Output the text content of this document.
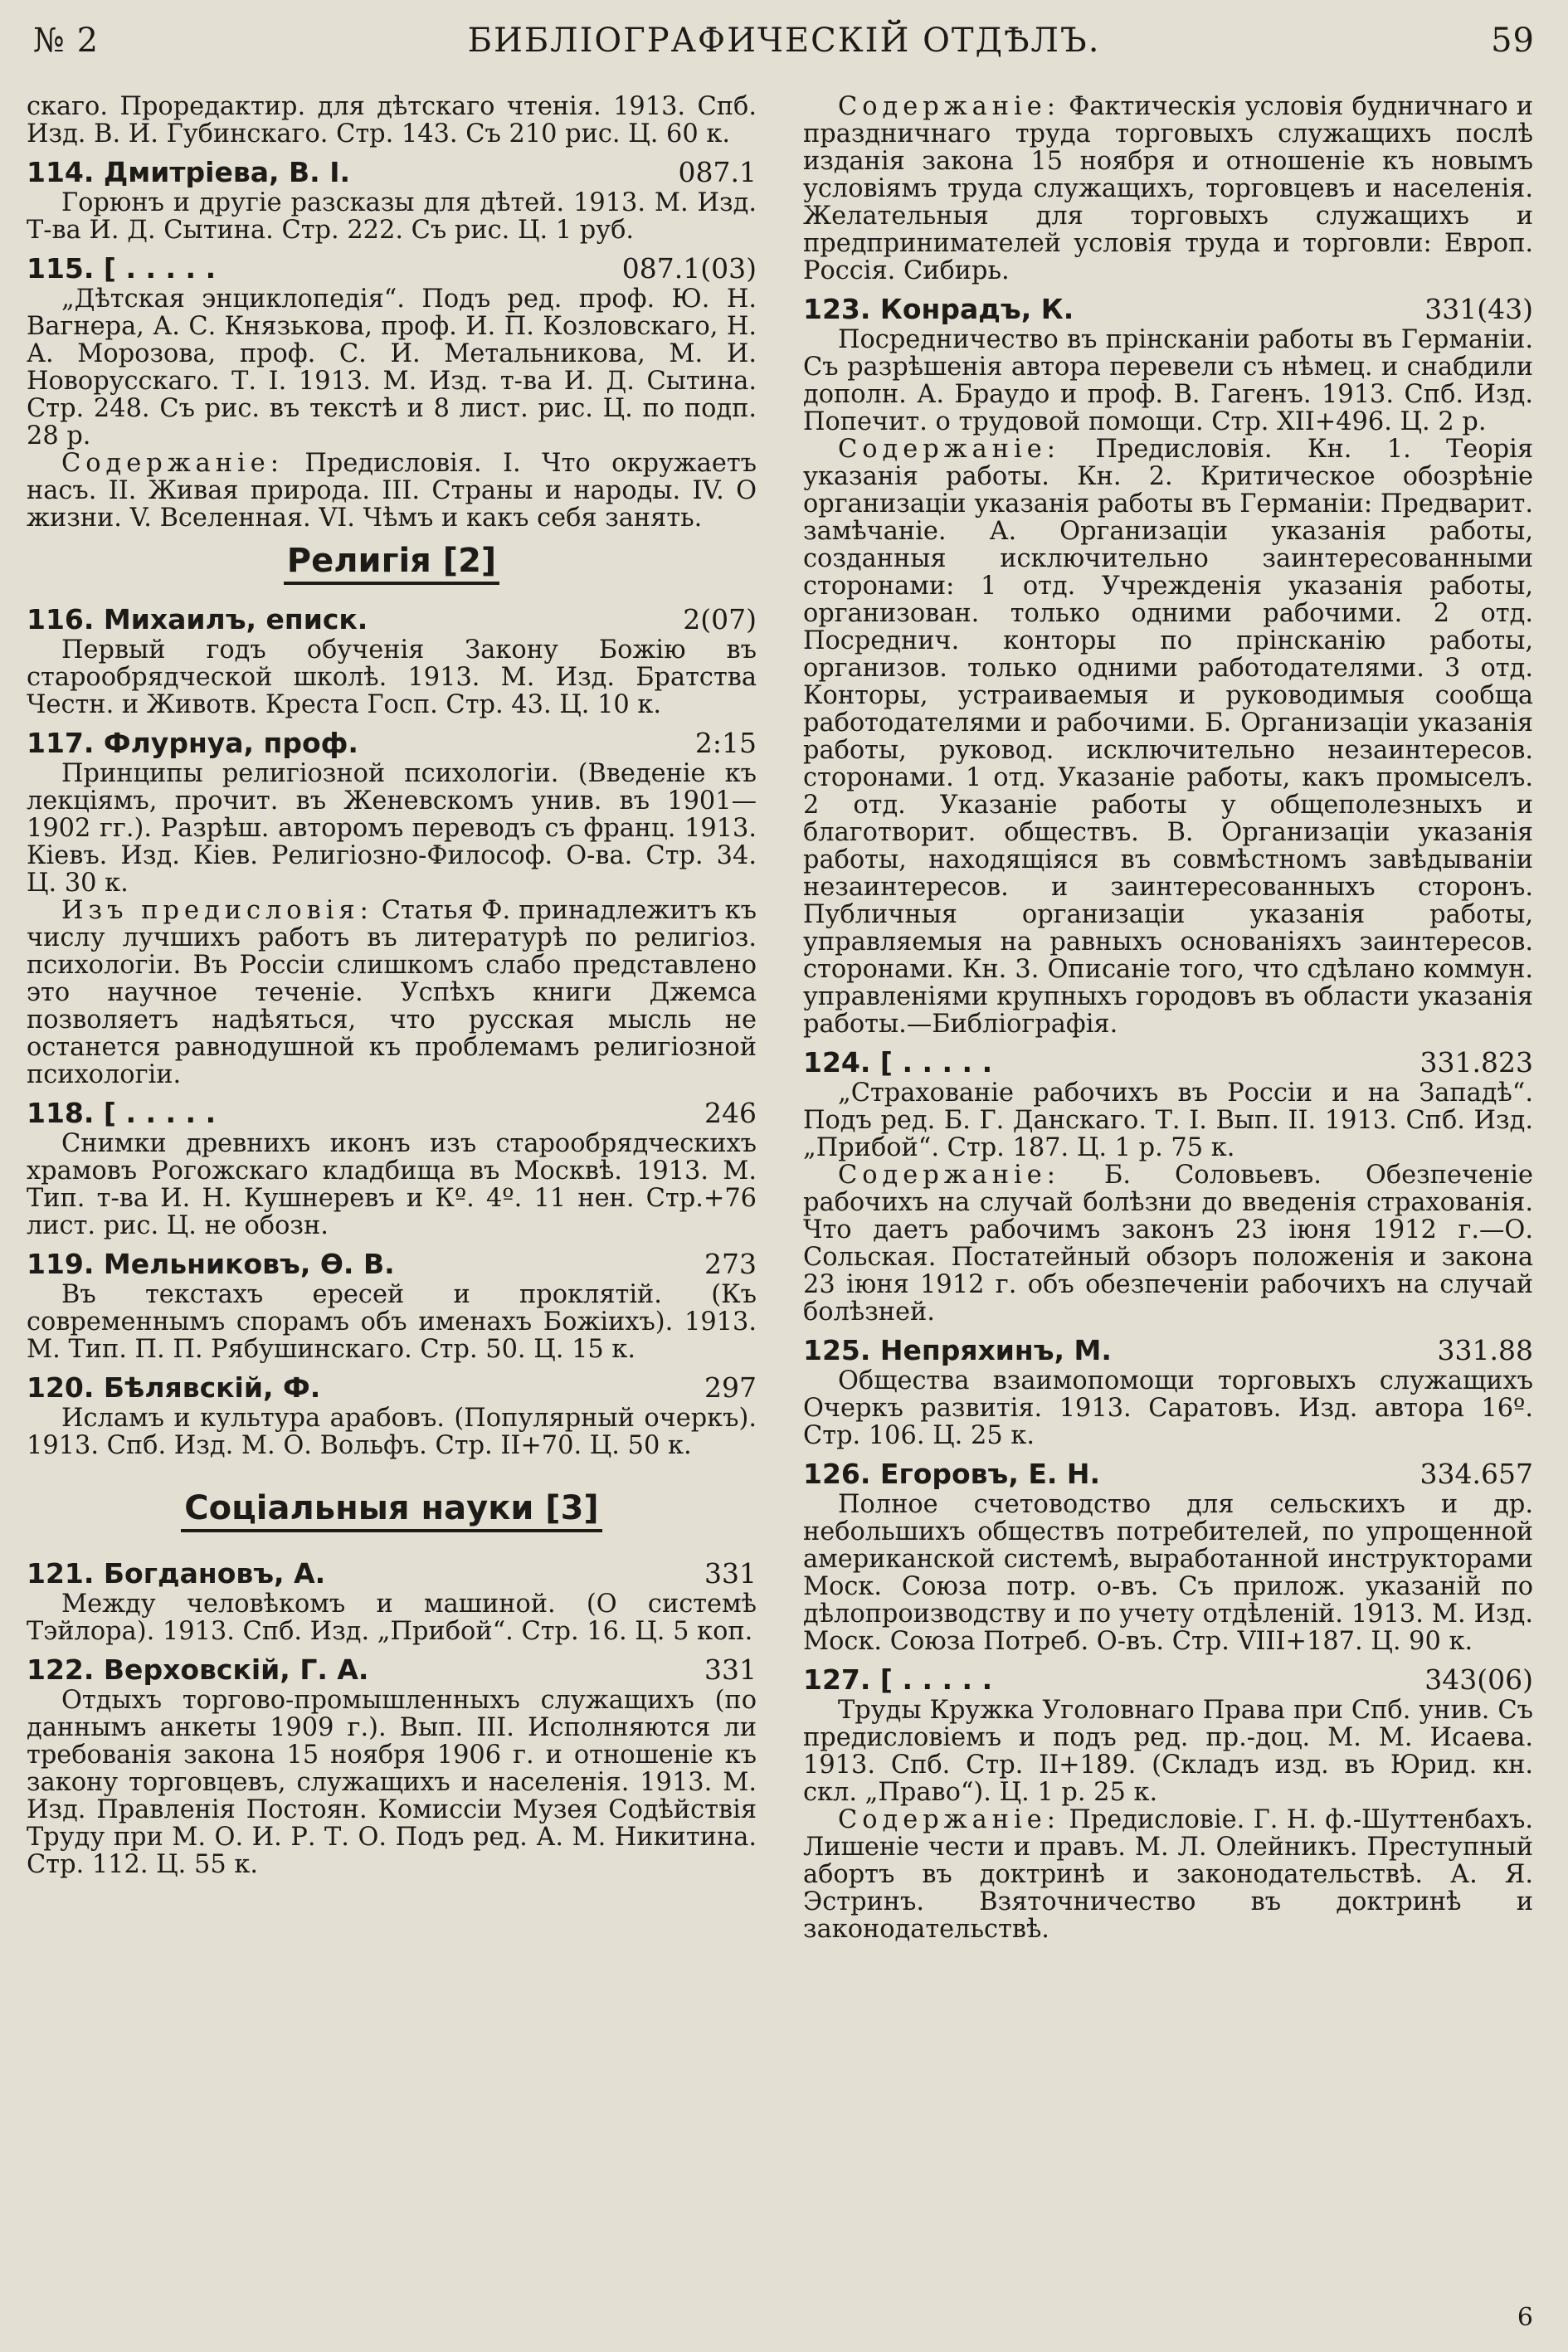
№ 2	БИБЛІОГРАФИЧЕСКІЙ ОТДѢЛЪ.	59

скаго. Проредактир. для дѣтскаго чтенія. 1913. Спб. Изд. В. И. Губинскаго. Стр. 143. Съ 210 рис. Ц. 60 к.

114. Дмитріева, В. І.	087.1

Горюнъ и другіе разсказы для дѣтей. 1913. М. Изд. Т-ва И. Д. Сытина. Стр. 222. Съ рис. Ц. 1 руб.

115. [ . . . . .	087.1(03)

„Дѣтская энциклопедія“. Подъ ред. проф. Ю. Н. Вагнера, А. С. Князькова, проф. И. П. Козловскаго, Н. А. Морозова, проф. С. И. Метальникова, М. И. Новорусскаго. Т. І. 1913. М. Изд. т-ва И. Д. Сытина. Стр. 248. Съ рис. въ текстѣ и 8 лист. рис. Ц. по подп. 28 р.

Содержаніе: Предисловія. І. Что окружаетъ насъ. ІІ. Живая природа. ІІІ. Страны и народы. IV. О жизни. V. Вселенная. VI. Чѣмъ и какъ себя занять.

Религія [2]
116. Михаилъ, еписк.	2(07)

Первый годъ обученія Закону Божію въ старообрядческой школѣ. 1913. М. Изд. Братства Честн. и Животв. Креста Госп. Стр. 43. Ц. 10 к.

117. Флурнуа, проф.	2:15

Принципы религіозной психологіи. (Введеніе къ лекціямъ, прочит. въ Женевскомъ унив. въ 1901—1902 гг.). Разрѣш. авторомъ переводъ съ франц. 1913. Кіевъ. Изд. Кіев. Религіозно-Философ. О-ва. Стр. 34. Ц. 30 к.

Изъ предисловія: Статья Ф. принадлежитъ къ числу лучшихъ работъ въ литературѣ по религіоз. психологіи. Въ Россіи слишкомъ слабо представлено это научное теченіе. Успѣхъ книги Джемса позволяетъ надѣяться, что русская мысль не останется равнодушной къ проблемамъ религіозной психологіи.

118. [ . . . . .	246

Снимки древнихъ иконъ изъ старообрядческихъ храмовъ Рогожскаго кладбища въ Москвѣ. 1913. М. Тип. т-ва И. Н. Кушнеревъ и Кº. 4º. 11 нен. Стр.+76 лист. рис. Ц. не обозн.

119. Мельниковъ, Ѳ. В.	273

Въ текстахъ ересей и проклятій. (Къ современнымъ спорамъ объ именахъ Божіихъ). 1913. М. Тип. П. П. Рябушинскаго. Стр. 50. Ц. 15 к.

120. Бѣлявскій, Ф.	297

Исламъ и культура арабовъ. (Популярный очеркъ). 1913. Спб. Изд. М. О. Вольфъ. Стр. II+70. Ц. 50 к.

Соціальныя науки [3]
121. Богдановъ, А.	331

Между человѣкомъ и машиной. (О системѣ Тэйлора). 1913. Спб. Изд. „Прибой“. Стр. 16. Ц. 5 коп.

122. Верховскій, Г. А.	331

Отдыхъ торгово-промышленныхъ служащихъ (по даннымъ анкеты 1909 г.). Вып. III. Исполняются ли требованія закона 15 ноября 1906 г. и отношеніе къ закону торговцевъ, служащихъ и населенія. 1913. М. Изд. Правленія Постоян. Комиссіи Музея Содѣйствія Труду при М. О. И. Р. Т. О. Подъ ред. А. М. Никитина. Стр. 112. Ц. 55 к.

Содержаніе: Фактическія условія будничнаго и праздничнаго труда торговыхъ служащихъ послѣ изданія закона 15 ноября и отношеніе къ новымъ условіямъ труда служащихъ, торговцевъ и населенія. Желательныя для торговыхъ служащихъ и предпринимателей условія труда и торговли: Европ. Россія. Сибирь.

123. Конрадъ, К.	331(43)

Посредничество въ прінсканіи работы въ Германіи. Съ разрѣшенія автора перевели съ нѣмец. и снабдили дополн. А. Браудо и проф. В. Гагенъ. 1913. Спб. Изд. Попечит. о трудовой помощи. Стр. XII+496. Ц. 2 р.

Содержаніе: Предисловія. Кн. 1. Теорія указанія работы. Кн. 2. Критическое обозрѣніе организаціи указанія работы въ Германіи: Предварит. замѣчаніе. А. Организаціи указанія работы, созданныя исключительно заинтересованными сторонами: 1 отд. Учрежденія указанія работы, организован. только одними рабочими. 2 отд. Посреднич. конторы по прінсканію работы, организов. только одними работодателями. 3 отд. Конторы, устраиваемыя и руководимыя сообща работодателями и рабочими. Б. Организаціи указанія работы, руковод. исключительно незаинтересов. сторонами. 1 отд. Указаніе работы, какъ промыселъ. 2 отд. Указаніе работы у общеполезныхъ и благотворит. обществъ. В. Организаціи указанія работы, находящіяся въ совмѣстномъ завѣдываніи незаинтересов. и заинтересованныхъ сторонъ. Публичныя организаціи указанія работы, управляемыя на равныхъ основаніяхъ заинтересов. сторонами. Кн. 3. Описаніе того, что сдѣлано коммун. управленіями крупныхъ городовъ въ области указанія работы.—Библіографія.

124. [ . . . . .	331.823

„Страхованіе рабочихъ въ Россіи и на Западѣ“. Подъ ред. Б. Г. Данскаго. Т. І. Вып. ІІ. 1913. Спб. Изд. „Прибой“. Стр. 187. Ц. 1 р. 75 к.

Содержаніе: Б. Соловьевъ. Обезпеченіе рабочихъ на случай болѣзни до введенія страхованія. Что даетъ рабочимъ законъ 23 іюня 1912 г.—О. Сольская. Постатейный обзоръ положенія и закона 23 іюня 1912 г. объ обезпеченіи рабочихъ на случай болѣзней.

125. Непряхинъ, М.	331.88

Общества взаимопомощи торговыхъ служащихъ Очеркъ развитія. 1913. Саратовъ. Изд. автора 16º. Стр. 106. Ц. 25 к.

126. Егоровъ, Е. Н.	334.657

Полное счетоводство для сельскихъ и др. небольшихъ обществъ потребителей, по упрощенной американской системѣ, выработанной инструкторами Моск. Союза потр. о-въ. Съ прилож. указаній по дѣлопроизводству и по учету отдѣленій. 1913. М. Изд. Моск. Союза Потреб. О-въ. Стр. VIII+187. Ц. 90 к.

127. [ . . . . .	343(06)

Труды Кружка Уголовнаго Права при Спб. унив. Съ предисловіемъ и подъ ред. пр.-доц. М. М. Исаева. 1913. Спб. Стр. II+189. (Складъ изд. въ Юрид. кн. скл. „Право“). Ц. 1 р. 25 к.

Содержаніе: Предисловіе. Г. Н. ф.-Шуттенбахъ. Лишеніе чести и правъ. М. Л. Олейникъ. Преступный абортъ въ доктринѣ и законодательствѣ. А. Я. Эстринъ. Взяточничество въ доктринѣ и законодательствѣ.

6
